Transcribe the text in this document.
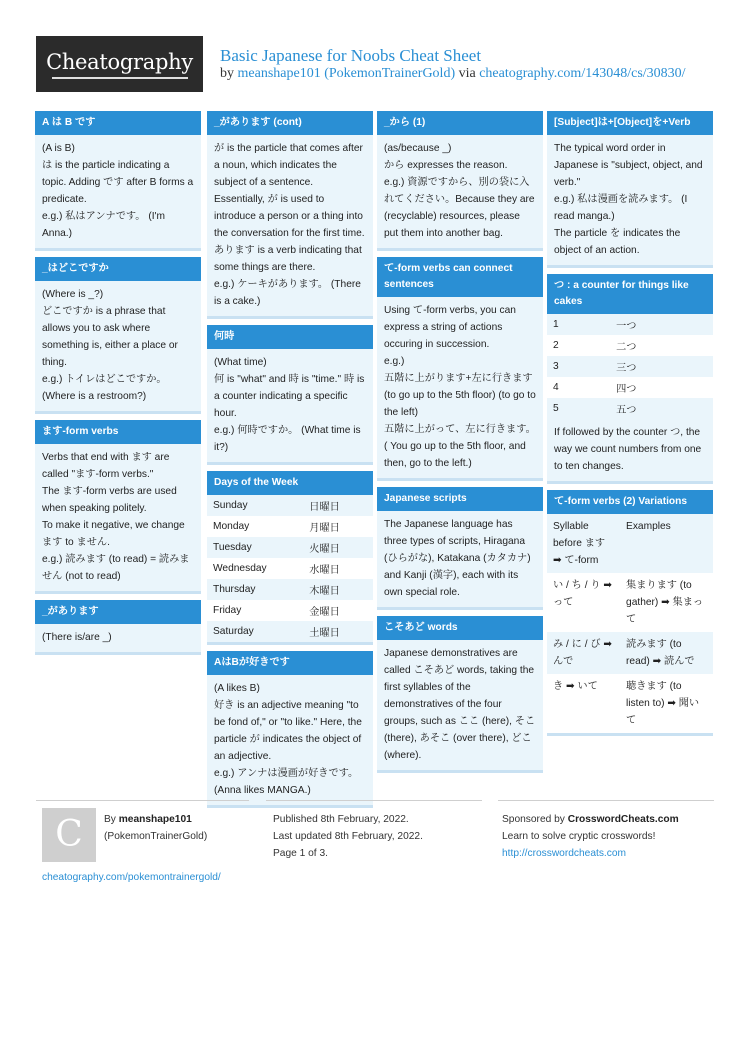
Cheatography	Basic Japanese for Noobs Cheat Sheet
by meanshape101 (PokemonTrainerGold) via cheatography.com/143048/cs/30830/
A は B です

(A is B)

は is the particle indicating a topic. Adding です after B forms a predicate.

e.g.) 私はアンナです。 (I'm Anna.)

_はどこですか

(Where is _?)

どこですか is a phrase that allows you to ask where something is, either a place or thing.

e.g.) トイレはどこですか。 (Where is a restroom?)

ます-form verbs

Verbs that end with ます are called "ます-form verbs."

The ます-form verbs are used when speaking politely.

To make it negative, we change ます to ません.

e.g.) 読みます (to read) = 読みません (not to read)

_があります

(There is/are _)

_があります (cont)

が is the particle that comes after a noun, which indicates the subject of a sentence. Essentially, が is used to introduce a person or a thing into the conversation for the first time. あります is a verb indicating that some things are there.

e.g.) ケーキがあります。 (There is a cake.)

何時

(What time)

何 is "what" and 時 is "time." 時 is a counter indicating a specific hour.

e.g.) 何時ですか。 (What time is it?)

Days of the Week
Sunday	日曜日
Monday	月曜日
Tuesday	火曜日
Wednesday	水曜日
Thursday	木曜日
Friday	金曜日
Saturday	土曜日
AはBが好きです

(A likes B)

好き is an adjective meaning "to be fond of," or "to like." Here, the particle が indicates the object of an adjective.

e.g.) アンナは漫画が好きです。 (Anna likes MANGA.)

_から (1)

(as/because _)

から expresses the reason.

e.g.) 資源ですから、別の袋に入れてください。Because they are (recyclable) resources, please put them into another bag.

て-form verbs can connect sentences

Using て-form verbs, you can express a string of actions occuring in succession.

e.g.)

五階に上がります+左に行きます (to go up to the 5th floor) (to go to the left)

五階に上がって、左に行きます。( You go up to the 5th floor, and then, go to the left.)

Japanese scripts

The Japanese language has three types of scripts, Hiragana (ひらがな), Katakana (カタカナ) and Kanji (漢字), each with its own special role.

こそあど words

Japanese demonstratives are called こそあど words, taking the first syllables of the demonstratives of the four groups, such as ここ (here), そこ (there), あそこ (over there), どこ (where).

[Subject]は+[Object]を+Verb

The typical word order in Japanese is "subject, object, and verb."

e.g.) 私は漫画を読みます。 (I read manga.)

The particle を indicates the object of an action.

つ : a counter for things like cakes
1	一つ
2	二つ
3	三つ
4	四つ
5	五つ

If followed by the counter つ, the way we count numbers from one to ten changes.

て-form verbs (2) Variations
Syllable before ます ➡ て-form	Examples
い / ち / り ➡ って	集まります (to gather) ➡ 集まって
み / に / び ➡ んで	読みます (to read) ➡ 読んで
き ➡ いて	聴きます (to listen to) ➡ 聞いて
C	By meanshape101
(PokemonTrainerGold)
cheatography.com/pokemontrainergold/
Published 8th February, 2022.
Last updated 8th February, 2022.
Page 1 of 3.
Sponsored by CrosswordCheats.com
Learn to solve cryptic crosswords!
http://crosswordcheats.com
